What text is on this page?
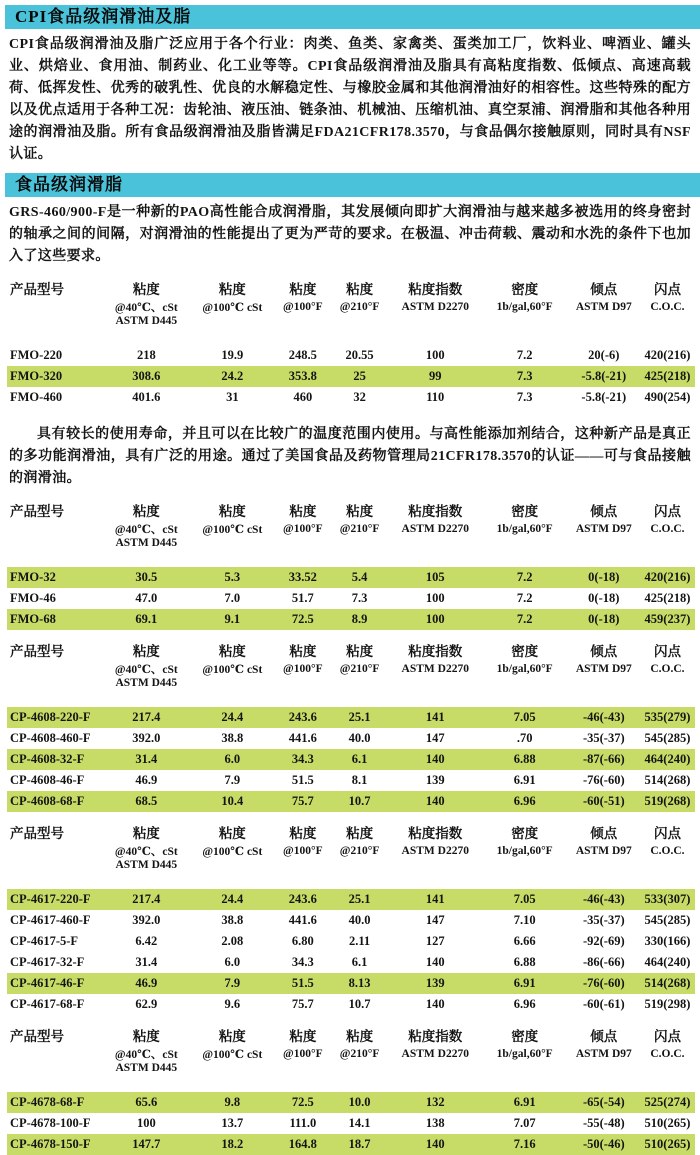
CPI食品级润滑油及脂

CPI食品级润滑油及脂广泛应用于各个行业：肉类、鱼类、家禽类、蛋类加工厂，饮料业、啤酒业、罐头业、烘焙业、食用油、制药业、化工业等等。CPI食品级润滑油及脂具有高粘度指数、低倾点、高速高载荷、低挥发性、优秀的破乳性、优良的水解稳定性、与橡胶金属和其他润滑油好的相容性。这些特殊的配方以及优点适用于各种工况：齿轮油、液压油、链条油、机械油、压缩机油、真空泵浦、润滑脂和其他各种用途的润滑油及脂。所有食品级润滑油及脂皆满足FDA21CFR178.3570，与食品偶尔接触原则，同时具有NSF认证。

食品级润滑脂

GRS-460/900-F是一种新的PAO高性能合成润滑脂，其发展倾向即扩大润滑油与越来越多被选用的终身密封的轴承之间的间隔，对润滑油的性能提出了更为严苛的要求。在极温、冲击荷载、震动和水洗的条件下也加入了这些要求。

产品型号	粘度	粘度	粘度	粘度	粘度指数	密度	倾点	闪点
	@40℃、cSt	@100℃ cSt	@100°F	@210°F	ASTM D2270	1b/gal,60°F	ASTM D97	C.O.C.
	ASTM D445							

FMO-220	218	19.9	248.5	20.55	100	7.2	20(-6)	420(216)
FMO-320	308.6	24.2	353.8	25	99	7.3	-5.8(-21)	425(218)
FMO-460	401.6	31	460	32	110	7.3	-5.8(-21)	490(254)

具有较长的使用寿命，并且可以在比较广的温度范围内使用。与高性能添加剂结合，这种新产品是真正的多功能润滑油，具有广泛的用途。通过了美国食品及药物管理局21CFR178.3570的认证——可与食品接触的润滑油。

产品型号	粘度	粘度	粘度	粘度	粘度指数	密度	倾点	闪点
	@40℃、cSt	@100℃ cSt	@100°F	@210°F	ASTM D2270	1b/gal,60°F	ASTM D97	C.O.C.
	ASTM D445							

FMO-32	30.5	5.3	33.52	5.4	105	7.2	0(-18)	420(216)
FMO-46	47.0	7.0	51.7	7.3	100	7.2	0(-18)	425(218)
FMO-68	69.1	9.1	72.5	8.9	100	7.2	0(-18)	459(237)
产品型号	粘度	粘度	粘度	粘度	粘度指数	密度	倾点	闪点
	@40℃、cSt	@100℃ cSt	@100°F	@210°F	ASTM D2270	1b/gal,60°F	ASTM D97	C.O.C.
	ASTM D445							

CP-4608-220-F	217.4	24.4	243.6	25.1	141	7.05	-46(-43)	535(279)
CP-4608-460-F	392.0	38.8	441.6	40.0	147	.70	-35(-37)	545(285)
CP-4608-32-F	31.4	6.0	34.3	6.1	140	6.88	-87(-66)	464(240)
CP-4608-46-F	46.9	7.9	51.5	8.1	139	6.91	-76(-60)	514(268)
CP-4608-68-F	68.5	10.4	75.7	10.7	140	6.96	-60(-51)	519(268)
产品型号	粘度	粘度	粘度	粘度	粘度指数	密度	倾点	闪点
	@40℃、cSt	@100℃ cSt	@100°F	@210°F	ASTM D2270	1b/gal,60°F	ASTM D97	C.O.C.
	ASTM D445							

CP-4617-220-F	217.4	24.4	243.6	25.1	141	7.05	-46(-43)	533(307)
CP-4617-460-F	392.0	38.8	441.6	40.0	147	7.10	-35(-37)	545(285)
CP-4617-5-F	6.42	2.08	6.80	2.11	127	6.66	-92(-69)	330(166)
CP-4617-32-F	31.4	6.0	34.3	6.1	140	6.88	-86(-66)	464(240)
CP-4617-46-F	46.9	7.9	51.5	8.13	139	6.91	-76(-60)	514(268)
CP-4617-68-F	62.9	9.6	75.7	10.7	140	6.96	-60(-61)	519(298)
产品型号	粘度	粘度	粘度	粘度	粘度指数	密度	倾点	闪点
	@40℃、cSt	@100℃ cSt	@100°F	@210°F	ASTM D2270	1b/gal,60°F	ASTM D97	C.O.C.
	ASTM D445							

CP-4678-68-F	65.6	9.8	72.5	10.0	132	6.91	-65(-54)	525(274)
CP-4678-100-F	100	13.7	111.0	14.1	138	7.07	-55(-48)	510(265)
CP-4678-150-F	147.7	18.2	164.8	18.7	140	7.16	-50(-46)	510(265)
